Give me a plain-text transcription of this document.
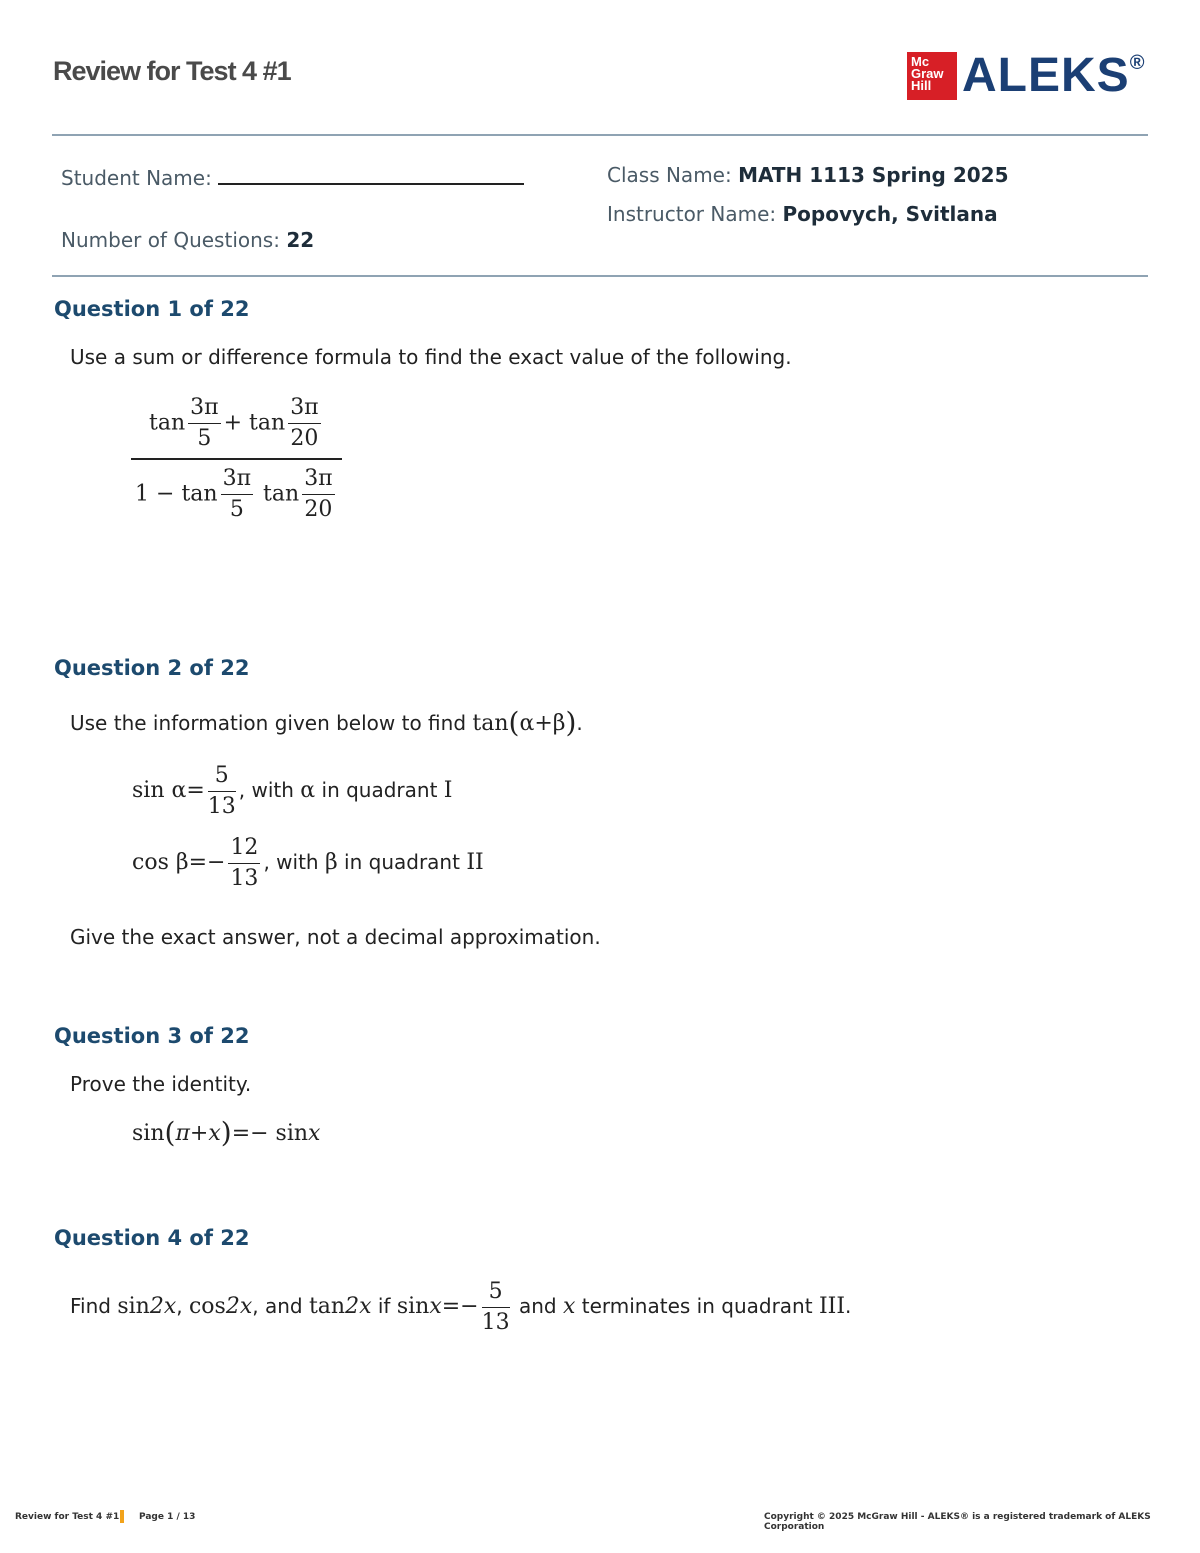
Review for Test 4 #1	Mc
Graw
Hill ALEKS®
Student Name:	Class Name: MATH 1113 Spring 2025
Instructor Name: Popovych, Svitlana
Number of Questions: 22
Question 1 of 22
Use a sum or difference formula to find the exact value of the following.
$\frac{\tan \frac{3\pi}{5} + \tan \frac{3\pi}{20}}{1 - \tan \frac{3\pi}{5} \tan \frac{3\pi}{20}}$
Question 2 of 22
Use the information given below to find tan(α+β).
$\sin \alpha= \frac{5}{13}$ , with α in quadrant I
$\cos \beta=- \frac{12}{13}$ , with β in quadrant II
Give the exact answer, not a decimal approximation.
Question 3 of 22
Prove the identity.
sin(π+x)=− sinx
Question 4 of 22
Find sin2x, cos2x, and tan2x if $\sin x=- \frac{5}{13}$ and x terminates in quadrant III.
Review for Test 4 #1 Page 1 / 13	Copyright © 2025 McGraw Hill - ALEKS® is a registered trademark of ALEKS Corporation
